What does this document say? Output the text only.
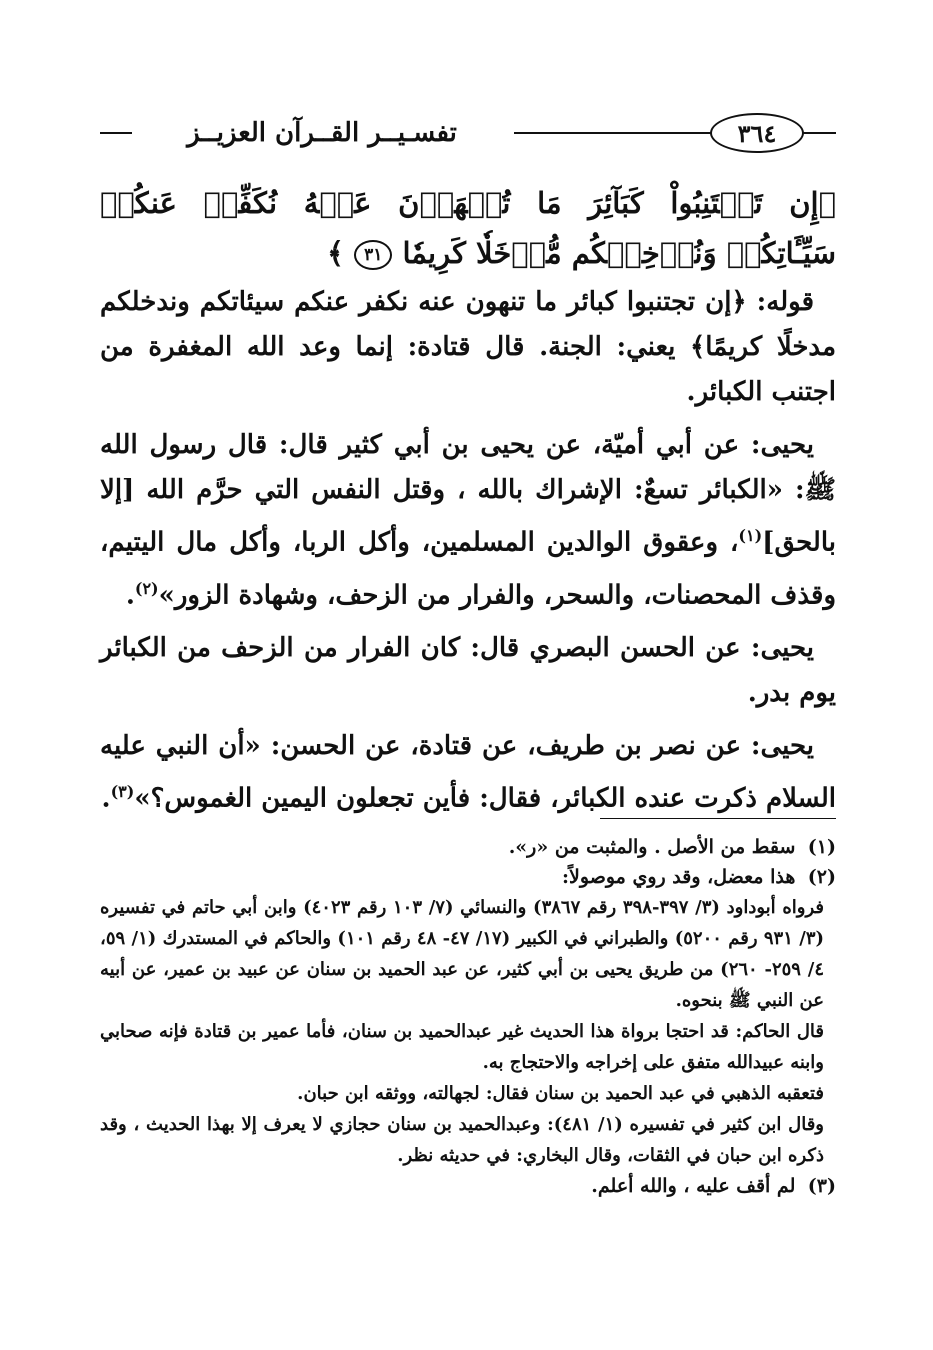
تفسـيــر القــرآن العزيــز	٣٦٤

﴿إِن تَجۡتَنِبُواْ كَبَآئِرَ مَا تُنۡهَوۡنَ عَنۡهُ نُكَفِّرۡ عَنكُمۡ سَيِّـَٔاتِكُمۡ وَنُدۡخِلۡكُم مُّدۡخَلٗا كَرِيمٗا ٣١ ﴾

قوله: ﴿إن تجتنبوا كبائر ما تنهون عنه نكفر عنكم سيئاتكم وندخلكم مدخلًا كريمًا﴾ يعني: الجنة. قال قتادة: إنما وعد الله المغفرة من اجتنب الكبائر.

يحيى: عن أبي أميّة، عن يحيى بن أبي كثير قال: قال رسول الله ﷺ: «الكبائر تسعٌ: الإشراك بالله ، وقتل النفس التي حرَّم الله [إلا بالحق]$^{(١)}$، وعقوق الوالدين المسلمين، وأكل الربا، وأكل مال اليتيم، وقذف المحصنات، والسحر، والفرار من الزحف، وشهادة الزور»$^{(٢)}$.

يحيى: عن الحسن البصري قال: كان الفرار من الزحف من الكبائر يوم بدر.

يحيى: عن نصر بن طريف، عن قتادة، عن الحسن: «أن النبي عليه السلام ذكرت عنده الكبائر، فقال: فأين تجعلون اليمين الغموس؟»$^{(٣)}$.

(١) سقط من الأصل . والمثبت من «ر».

(٢) هذا معضل، وقد روي موصولاً:

فرواه أبوداود (٣/ ٣٩٧-٣٩٨ رقم ٣٨٦٧) والنسائي (٧/ ١٠٣ رقم ٤٠٢٣) وابن أبي حاتم في تفسيره (٣/ ٩٣١ رقم ٥٢٠٠) والطبراني في الكبير (١٧/ ٤٧- ٤٨ رقم ١٠١) والحاكم في المستدرك (١/ ٥٩، ٤/ ٢٥٩- ٢٦٠) من طريق يحيى بن أبي كثير، عن عبد الحميد بن سنان عن عبيد بن عمير، عن أبيه عن النبي ﷺ بنحوه.

قال الحاكم: قد احتجا برواة هذا الحديث غير عبدالحميد بن سنان، فأما عمير بن قتادة فإنه صحابي وابنه عبيدالله متفق على إخراجه والاحتجاج به.

فتعقبه الذهبي في عبد الحميد بن سنان فقال: لجهالته، ووثقه ابن حبان.

وقال ابن كثير في تفسيره (١/ ٤٨١): وعبدالحميد بن سنان حجازي لا يعرف إلا بهذا الحديث ، وقد ذكره ابن حبان في الثقات، وقال البخاري: في حديثه نظر.

(٣) لم أقف عليه ، والله أعلم.
